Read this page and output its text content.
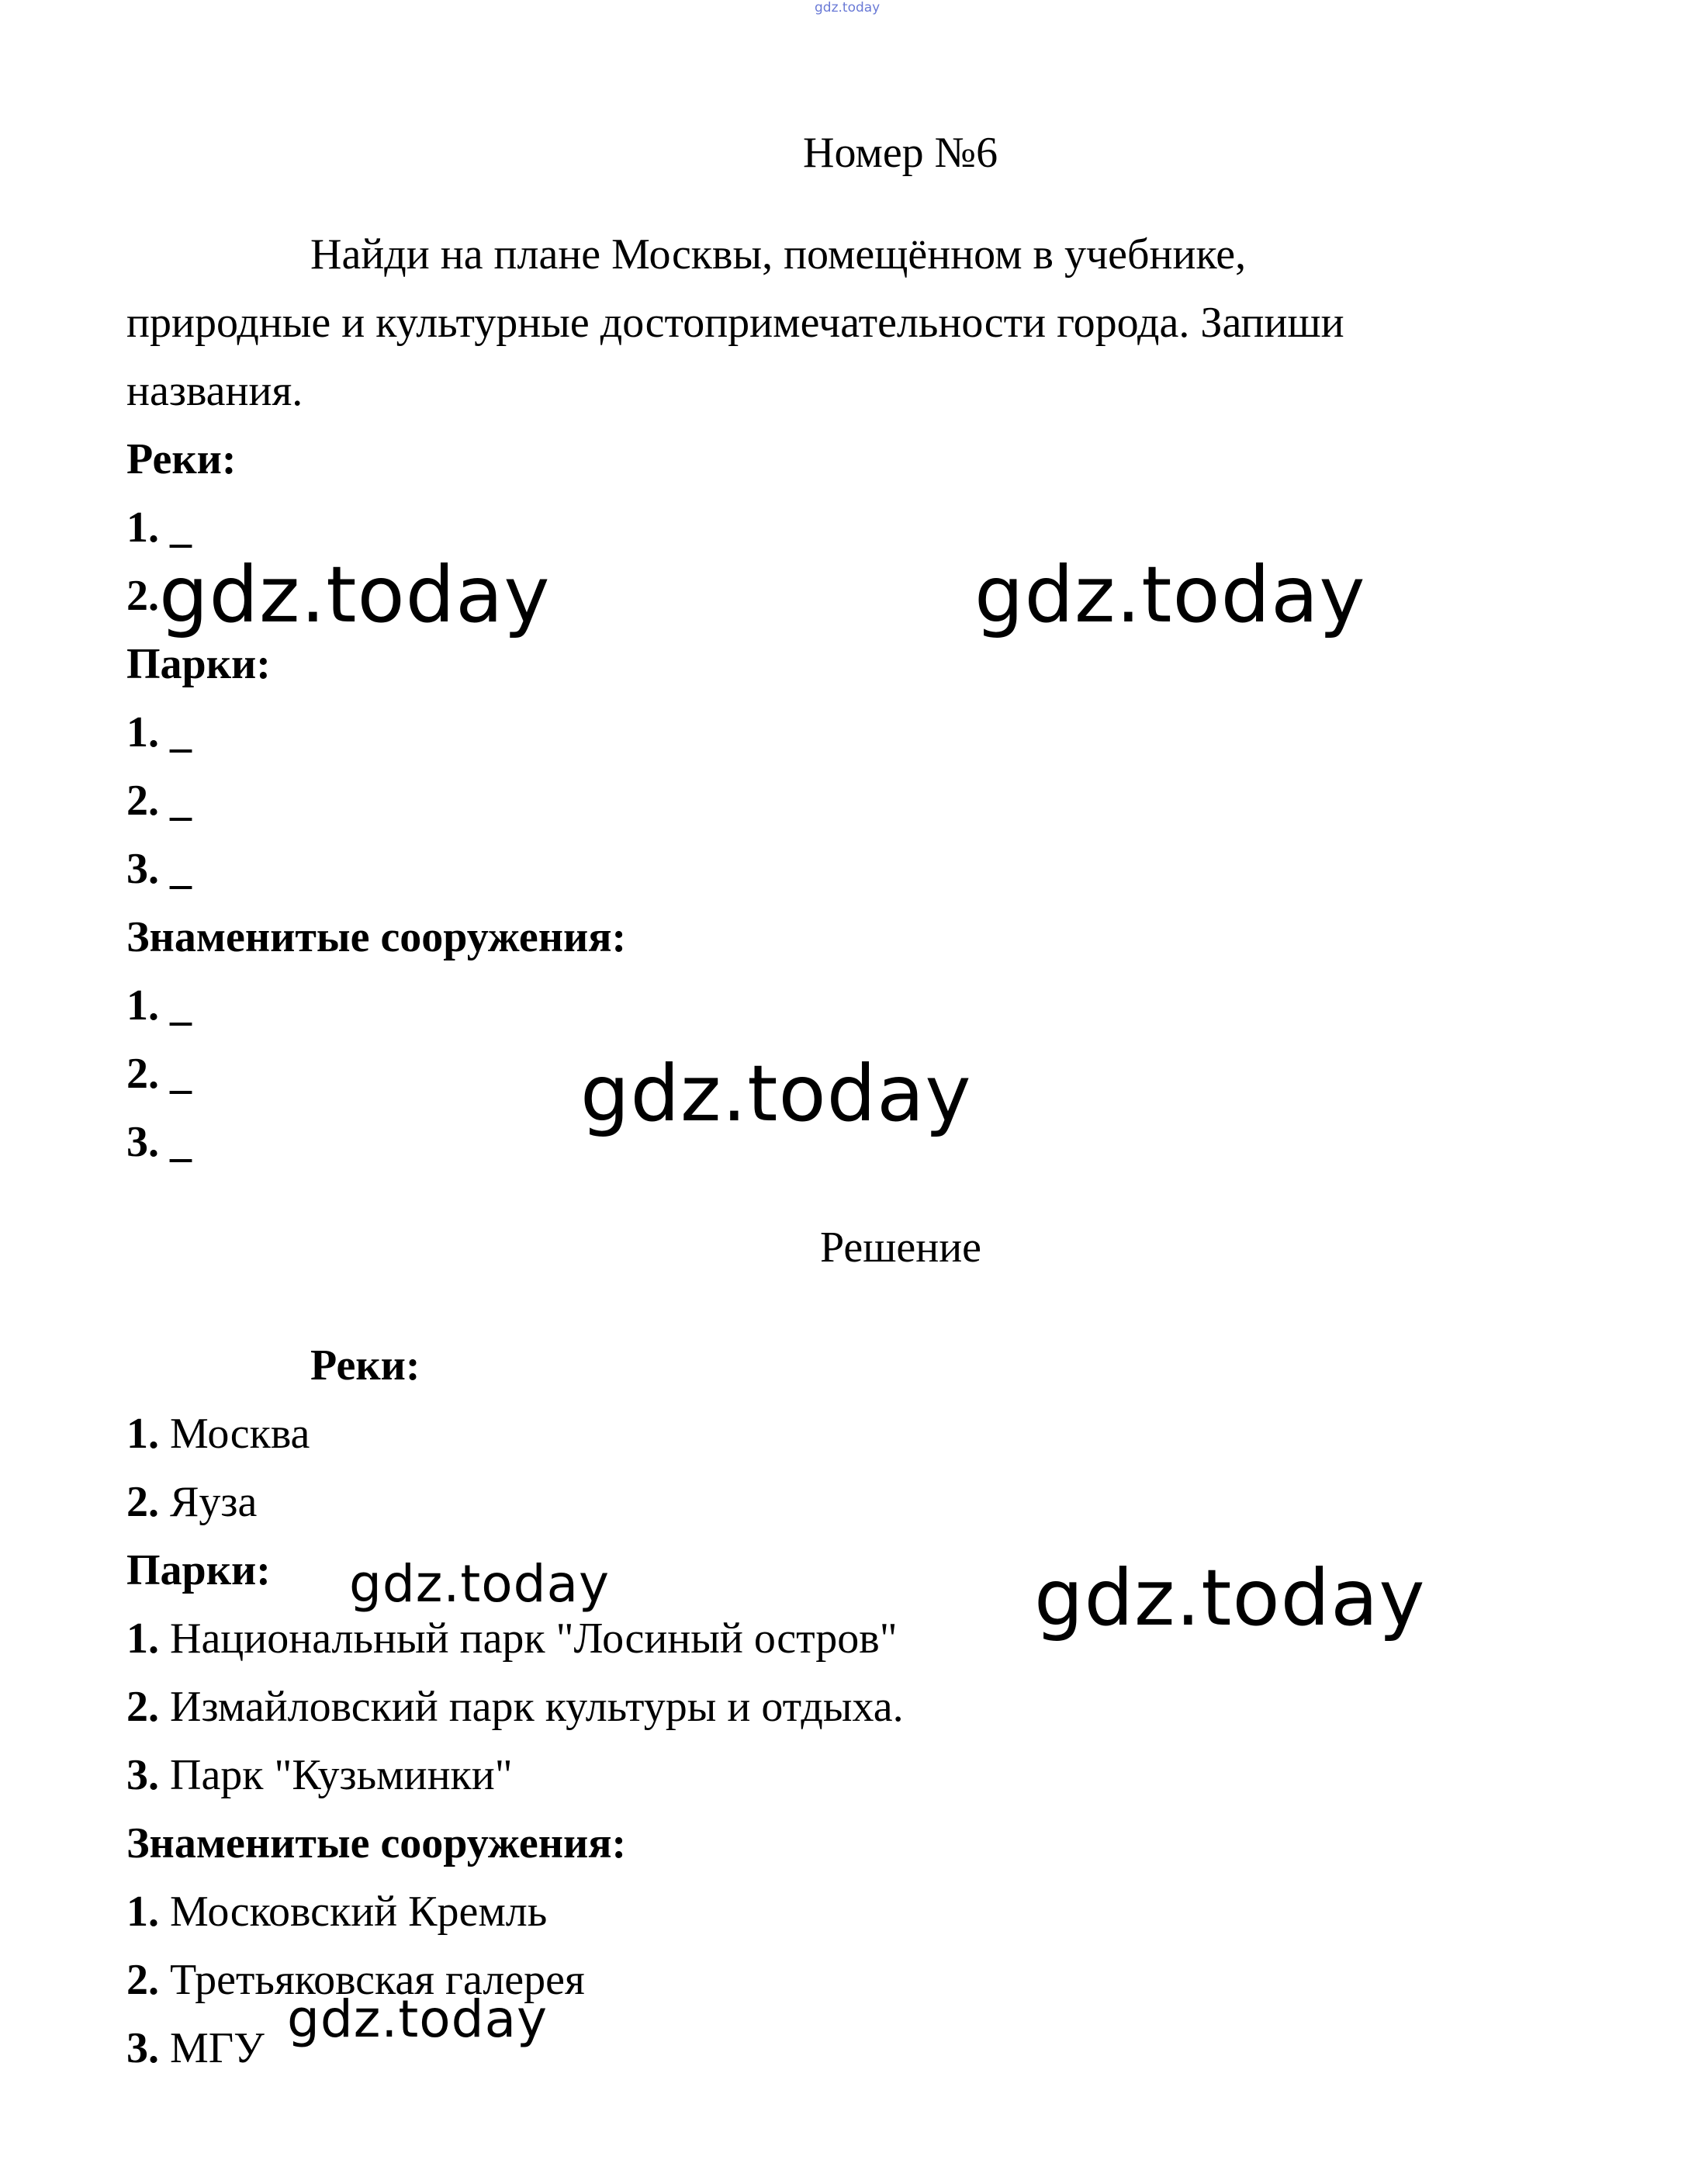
gdz.today
Номер №6
Найди на плане Москвы, помещённом в учебнике,
природные и культурные достопримечательности города. Запиши
названия.
Реки:
1. _
2.
Парки:
1. _
2. _
3. _
Знаменитые сооружения:
1. _
2. _
3. _
Решение
Реки:
1. Москва
2. Яуза
Парки:
1. Национальный парк "Лосиный остров"
2. Измайловский парк культуры и отдыха.
3. Парк "Кузьминки"
Знаменитые сооружения:
1. Московский Кремль
2. Третьяковская галерея
3. МГУ
gdz.today	gdz.today
gdz.today
gdz.today	gdz.today
gdz.today
